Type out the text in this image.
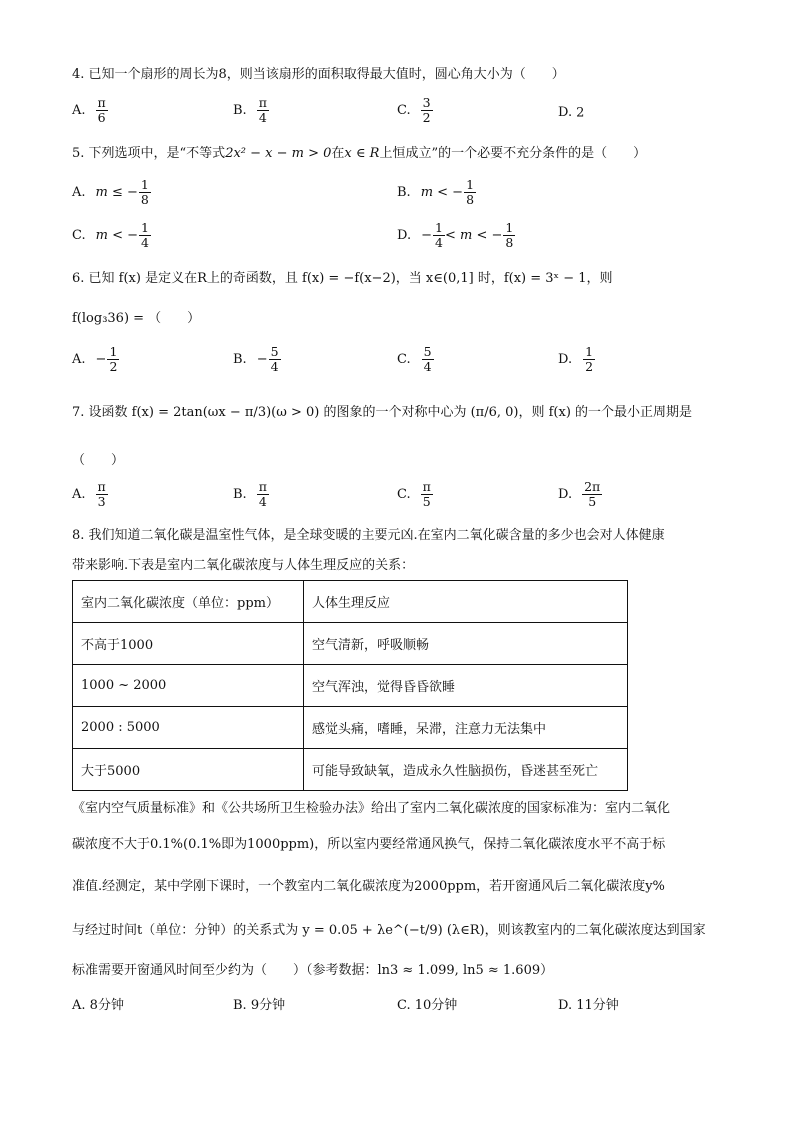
4. 已知一个扇形的周长为8，则当该扇形的面积取得最大值时，圆心角大小为（　　）
A. $\frac{\pi}{6}$	B. $\frac{\pi}{4}$	C. $\frac{3}{2}$	D. 2
5. 下列选项中，是“不等式2x² − x − m > 0在x ∈ R上恒成立”的一个必要不充分条件的是（　　）
A. m ≤ − $\frac{1}{8}$	B. m < − $\frac{1}{8}$
C. m < − $\frac{1}{4}$	D. − $\frac{1}{4} < m$ < − $\frac{1}{8}$
6. 已知 f(x) 是定义在R上的奇函数，且 f(x) = −f(x−2)，当 x∈(0,1] 时，f(x) = 3ˣ − 1，则
f(log₃36) = （　　）
A. − $\frac{1}{2}$	B. − $\frac{5}{4}$	C. $\frac{5}{4}$	D. $\frac{1}{2}$
7. 设函数 f(x) = 2tan(ωx − π/3)(ω > 0) 的图象的一个对称中心为 (π/6, 0)，则 f(x) 的一个最小正周期是
（　　）
A. $\frac{\pi}{3}$	B. $\frac{\pi}{4}$	C. $\frac{\pi}{5}$	D. $\frac{2\pi}{5}$
8. 我们知道二氧化碳是温室性气体，是全球变暖的主要元凶.在室内二氧化碳含量的多少也会对人体健康
带来影响.下表是室内二氧化碳浓度与人体生理反应的关系：
室内二氧化碳浓度（单位：ppm）	人体生理反应
不高于1000	空气清新，呼吸顺畅
1000 ~ 2000	空气浑浊，觉得昏昏欲睡
2000 : 5000	感觉头痛，嗜睡，呆滞，注意力无法集中
大于5000	可能导致缺氧，造成永久性脑损伤，昏迷甚至死亡
《室内空气质量标准》和《公共场所卫生检验办法》给出了室内二氧化碳浓度的国家标准为：室内二氧化
碳浓度不大于0.1%(0.1%即为1000ppm)，所以室内要经常通风换气，保持二氧化碳浓度水平不高于标
准值.经测定，某中学刚下课时，一个教室内二氧化碳浓度为2000ppm，若开窗通风后二氧化碳浓度y%
与经过时间t（单位：分钟）的关系式为 y = 0.05 + λe^(−t/9) (λ∈R)，则该教室内的二氧化碳浓度达到国家
标准需要开窗通风时间至少约为（　　）（参考数据：ln3 ≈ 1.099, ln5 ≈ 1.609）
A. 8分钟	B. 9分钟	C. 10分钟	D. 11分钟
